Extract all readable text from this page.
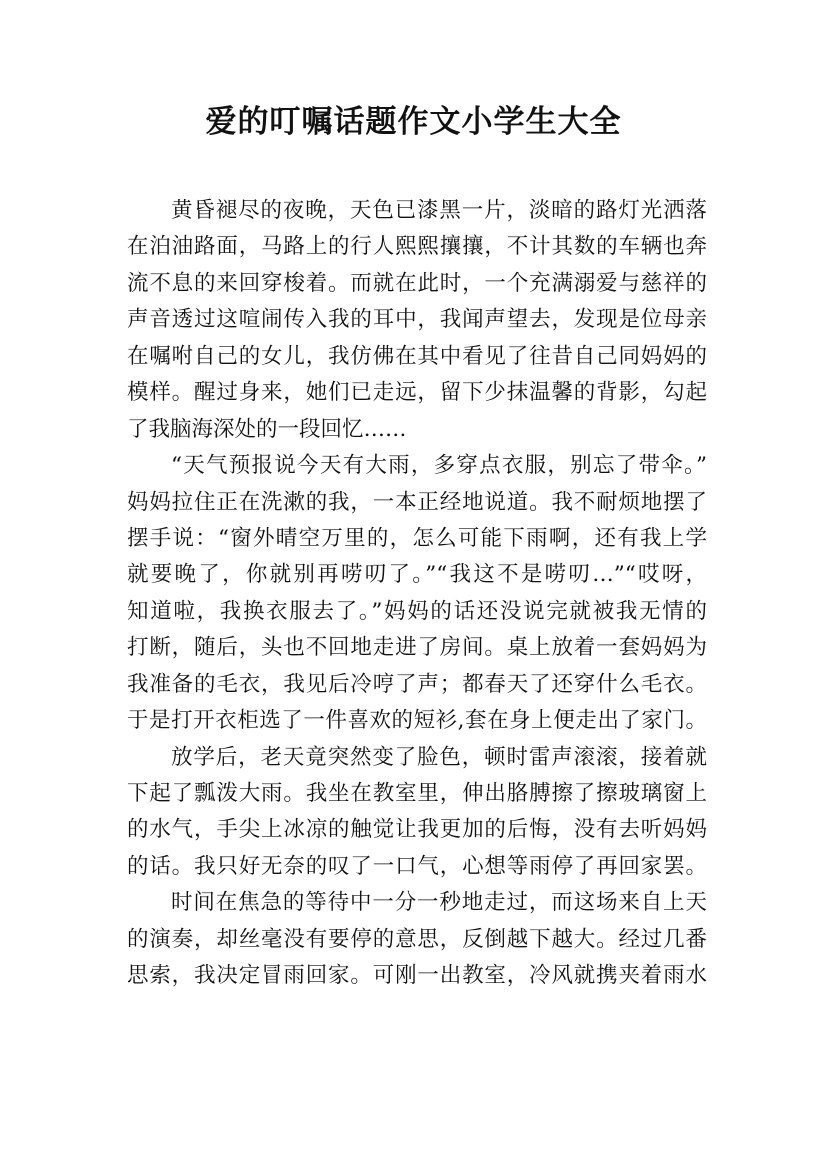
爱的叮嘱话题作文小学生大全
黄昏褪尽的夜晚，天色已漆黑一片，淡暗的路灯光洒落
在泊油路面，马路上的行人熙熙攘攘，不计其数的车辆也奔
流不息的来回穿梭着。而就在此时，一个充满溺爱与慈祥的
声音透过这喧闹传入我的耳中，我闻声望去，发现是位母亲
在嘱咐自己的女儿，我仿佛在其中看见了往昔自己同妈妈的
模样。醒过身来，她们已走远，留下少抹温馨的背影，勾起
了我脑海深处的一段回忆……
“天气预报说今天有大雨，多穿点衣服，别忘了带伞。”
妈妈拉住正在洗漱的我，一本正经地说道。我不耐烦地摆了
摆手说：“窗外晴空万里的，怎么可能下雨啊，还有我上学
就要晚了，你就别再唠叨了。”“我这不是唠叨…”“哎呀，
知道啦，我换衣服去了。”妈妈的话还没说完就被我无情的
打断，随后，头也不回地走进了房间。桌上放着一套妈妈为
我准备的毛衣，我见后冷哼了声；都春天了还穿什么毛衣。
于是打开衣柜选了一件喜欢的短衫,套在身上便走出了家门。
放学后，老天竟突然变了脸色，顿时雷声滚滚，接着就
下起了瓢泼大雨。我坐在教室里，伸出胳膊擦了擦玻璃窗上
的水气，手尖上冰凉的触觉让我更加的后悔，没有去听妈妈
的话。我只好无奈的叹了一口气，心想等雨停了再回家罢。
时间在焦急的等待中一分一秒地走过，而这场来自上天
的演奏，却丝毫没有要停的意思，反倒越下越大。经过几番
思索，我决定冒雨回家。可刚一出教室，冷风就携夹着雨水
